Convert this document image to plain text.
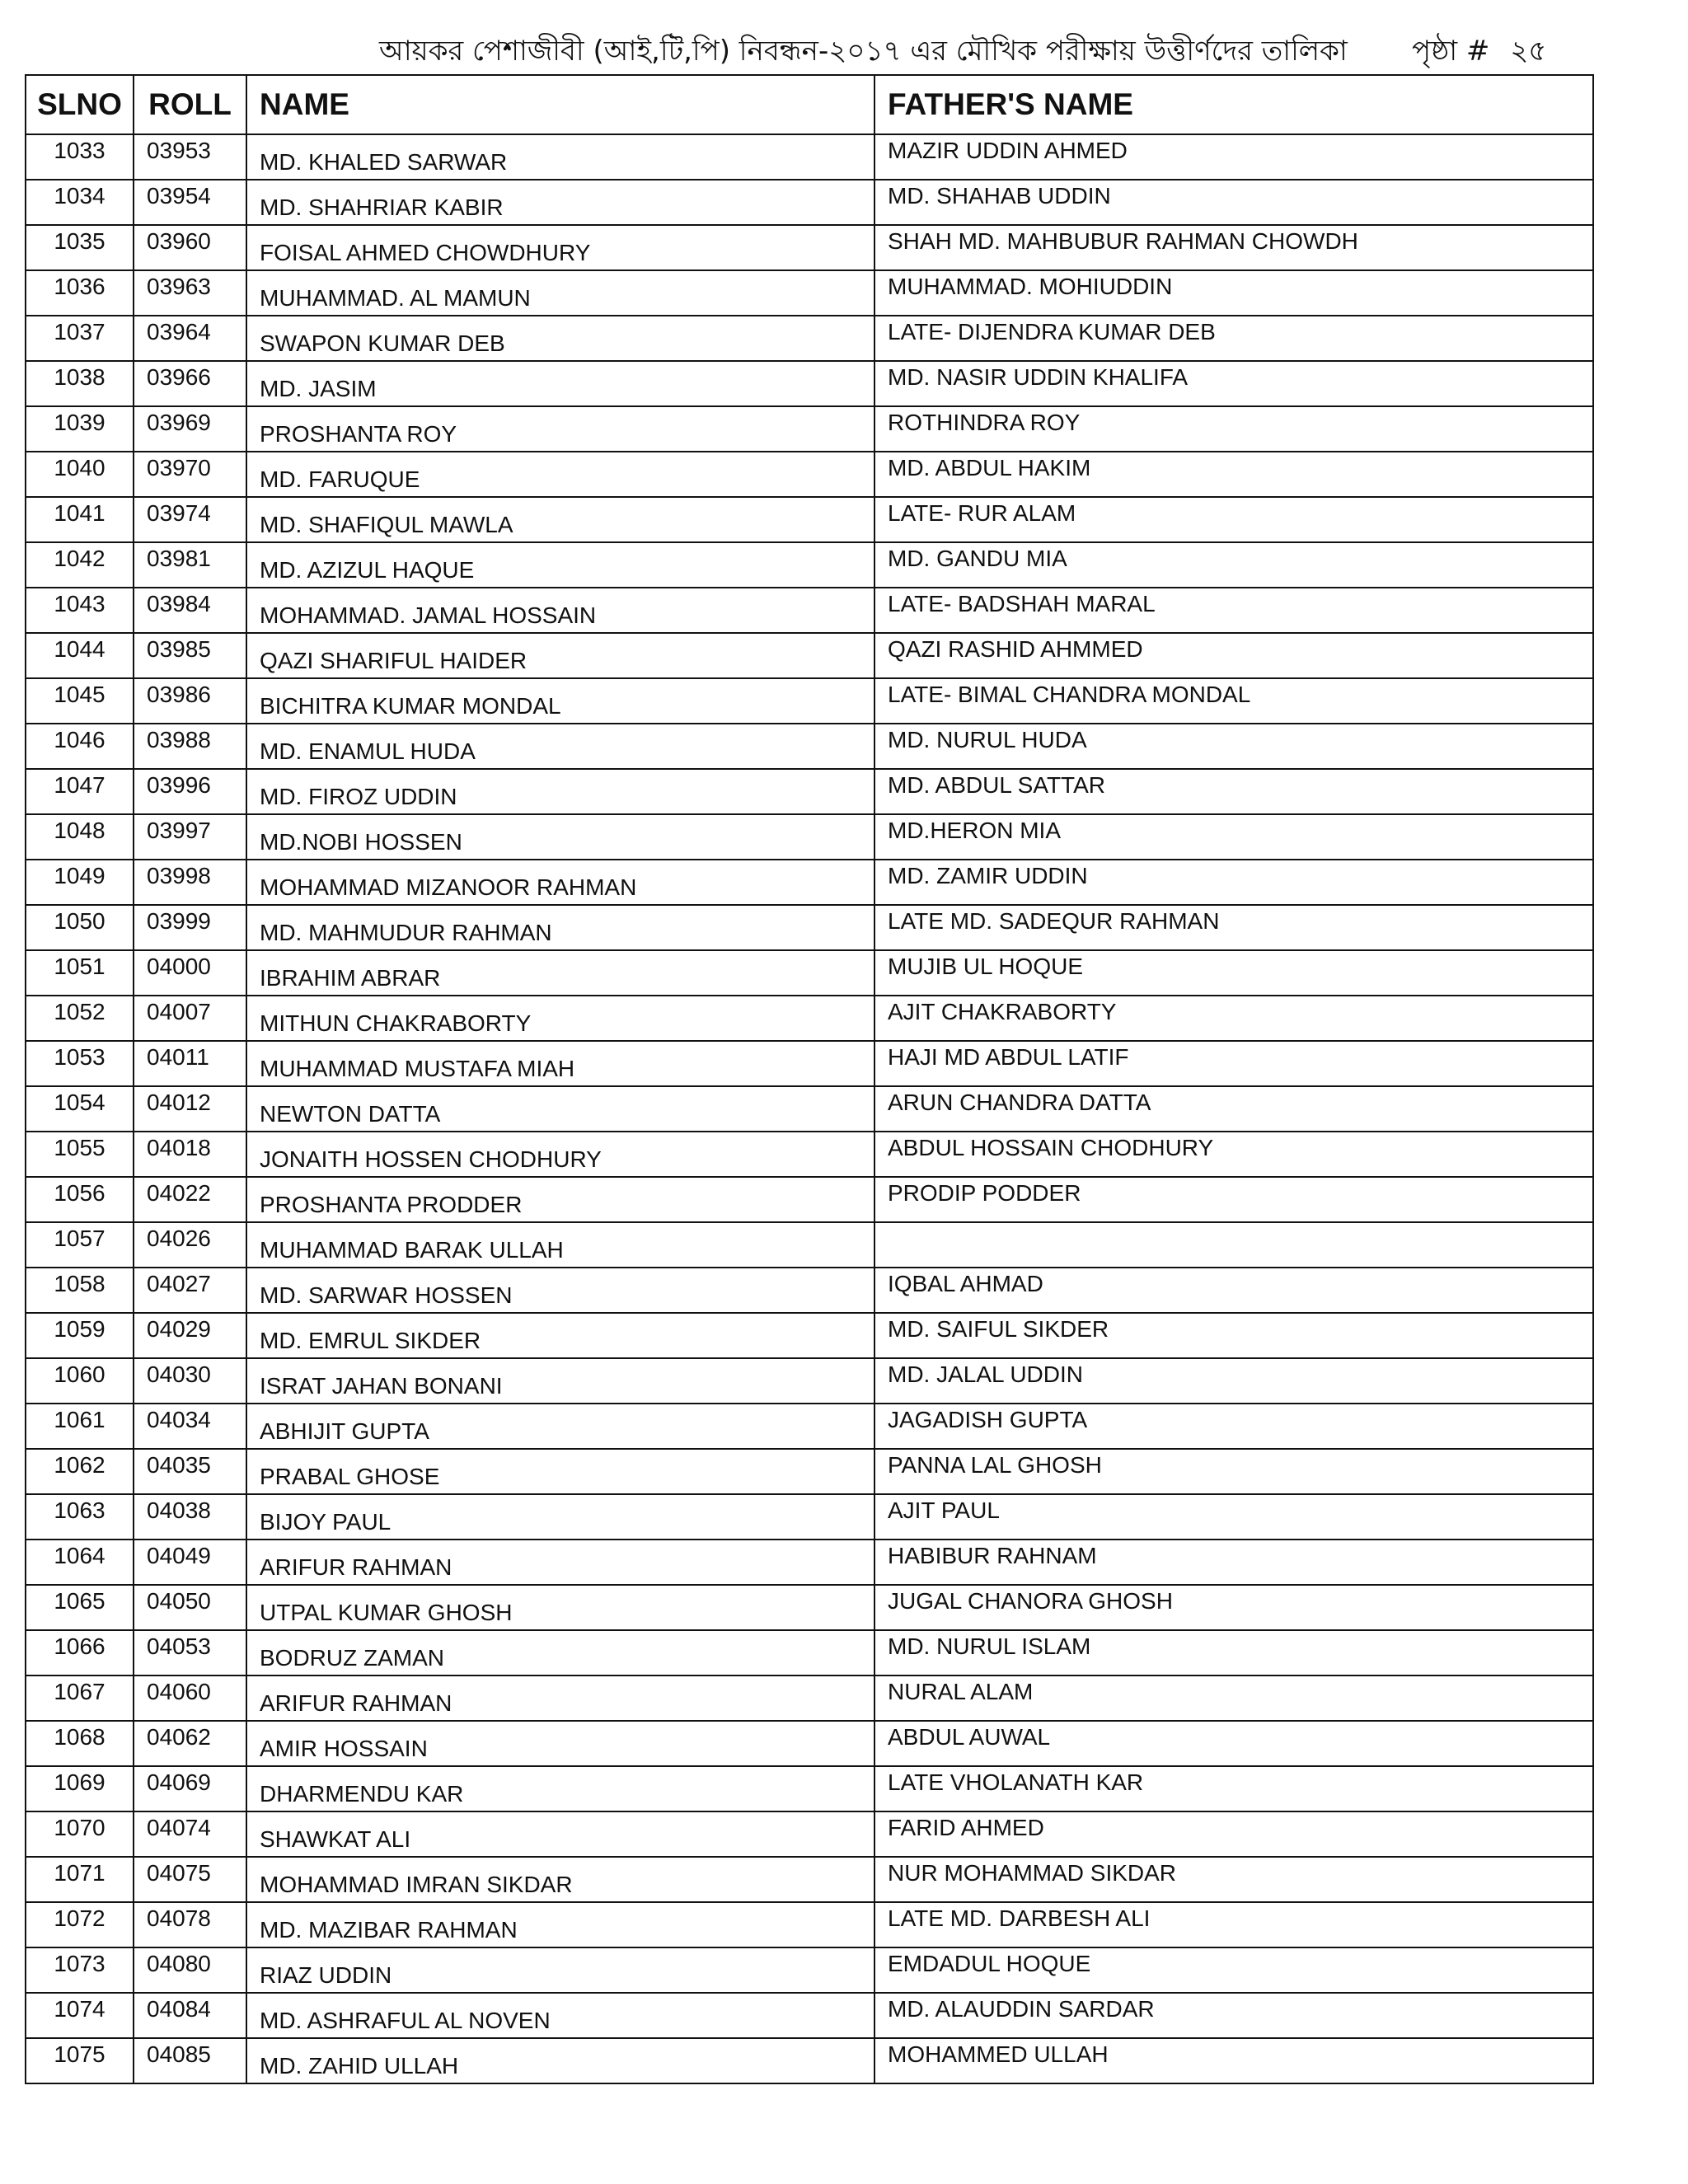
আয়কর পেশাজীবী (আই,টি,পি) নিবন্ধন-২০১৭ এর মৌখিক পরীক্ষায় উত্তীর্ণদের তালিকা পৃষ্ঠা # ২৫
SLNO	ROLL	NAME	FATHER'S NAME
1033	03953	MD. KHALED SARWAR	MAZIR UDDIN AHMED
1034	03954	MD. SHAHRIAR KABIR	MD. SHAHAB UDDIN
1035	03960	FOISAL AHMED CHOWDHURY	SHAH MD. MAHBUBUR RAHMAN CHOWDH
1036	03963	MUHAMMAD. AL MAMUN	MUHAMMAD. MOHIUDDIN
1037	03964	SWAPON KUMAR DEB	LATE- DIJENDRA KUMAR DEB
1038	03966	MD. JASIM	MD. NASIR UDDIN KHALIFA
1039	03969	PROSHANTA ROY	ROTHINDRA ROY
1040	03970	MD. FARUQUE	MD. ABDUL HAKIM
1041	03974	MD. SHAFIQUL MAWLA	LATE- RUR ALAM
1042	03981	MD. AZIZUL HAQUE	MD. GANDU MIA
1043	03984	MOHAMMAD. JAMAL HOSSAIN	LATE- BADSHAH MARAL
1044	03985	QAZI SHARIFUL HAIDER	QAZI RASHID AHMMED
1045	03986	BICHITRA KUMAR MONDAL	LATE- BIMAL CHANDRA MONDAL
1046	03988	MD. ENAMUL HUDA	MD. NURUL HUDA
1047	03996	MD. FIROZ UDDIN	MD. ABDUL SATTAR
1048	03997	MD.NOBI HOSSEN	MD.HERON MIA
1049	03998	MOHAMMAD MIZANOOR RAHMAN	MD. ZAMIR UDDIN
1050	03999	MD. MAHMUDUR RAHMAN	LATE MD. SADEQUR RAHMAN
1051	04000	IBRAHIM ABRAR	MUJIB UL HOQUE
1052	04007	MITHUN CHAKRABORTY	AJIT CHAKRABORTY
1053	04011	MUHAMMAD MUSTAFA MIAH	HAJI MD ABDUL LATIF
1054	04012	NEWTON DATTA	ARUN CHANDRA DATTA
1055	04018	JONAITH HOSSEN CHODHURY	ABDUL HOSSAIN CHODHURY
1056	04022	PROSHANTA PRODDER	PRODIP PODDER
1057	04026	MUHAMMAD BARAK ULLAH	
1058	04027	MD. SARWAR HOSSEN	IQBAL AHMAD
1059	04029	MD. EMRUL SIKDER	MD. SAIFUL SIKDER
1060	04030	ISRAT JAHAN BONANI	MD. JALAL UDDIN
1061	04034	ABHIJIT GUPTA	JAGADISH GUPTA
1062	04035	PRABAL GHOSE	PANNA LAL GHOSH
1063	04038	BIJOY PAUL	AJIT PAUL
1064	04049	ARIFUR RAHMAN	HABIBUR RAHNAM
1065	04050	UTPAL KUMAR GHOSH	JUGAL CHANORA GHOSH
1066	04053	BODRUZ ZAMAN	MD. NURUL ISLAM
1067	04060	ARIFUR RAHMAN	NURAL ALAM
1068	04062	AMIR HOSSAIN	ABDUL AUWAL
1069	04069	DHARMENDU KAR	LATE VHOLANATH KAR
1070	04074	SHAWKAT ALI	FARID AHMED
1071	04075	MOHAMMAD IMRAN SIKDAR	NUR MOHAMMAD SIKDAR
1072	04078	MD. MAZIBAR RAHMAN	LATE MD. DARBESH ALI
1073	04080	RIAZ UDDIN	EMDADUL HOQUE
1074	04084	MD. ASHRAFUL AL NOVEN	MD. ALAUDDIN SARDAR
1075	04085	MD. ZAHID ULLAH	MOHAMMED ULLAH
